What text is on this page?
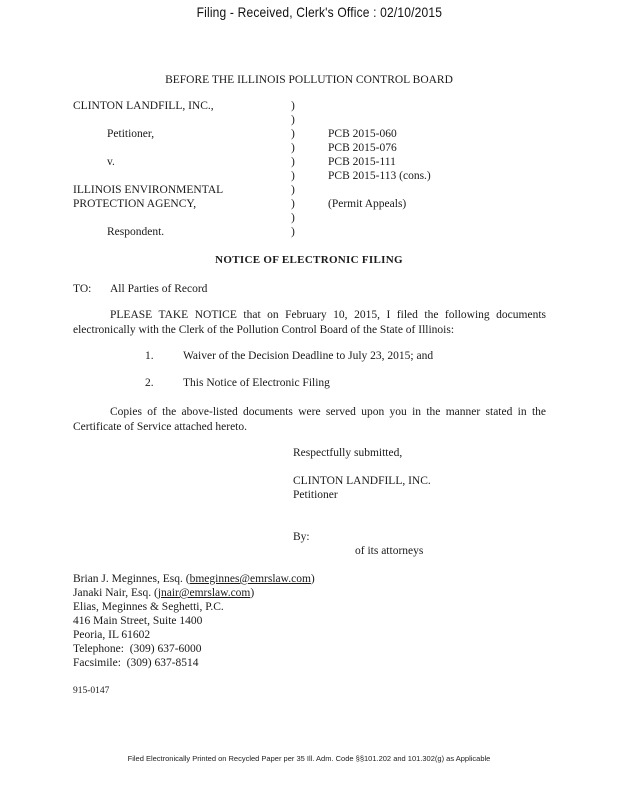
Filing - Received, Clerk's Office : 02/10/2015
BEFORE THE ILLINOIS POLLUTION CONTROL BOARD
CLINTON LANDFILL, INC.,
Petitioner,
v.
ILLINOIS ENVIRONMENTAL
PROTECTION AGENCY,
Respondent.
)
)
)
)
)
)
)
)
)
)
PCB 2015-060
PCB 2015-076
PCB 2015-111
PCB 2015-113 (cons.)
(Permit Appeals)
NOTICE OF ELECTRONIC FILING
TO: All Parties of Record
PLEASE TAKE NOTICE that on February 10, 2015, I filed the following documents electronically with the Clerk of the Pollution Control Board of the State of Illinois:
1.	Waiver of the Decision Deadline to July 23, 2015; and
2.	This Notice of Electronic Filing
Copies of the above-listed documents were served upon you in the manner stated in the Certificate of Service attached hereto.
Respectfully submitted,
CLINTON LANDFILL, INC.
Petitioner
By:
of its attorneys
Brian J. Meginnes, Esq. (bmeginnes@emrslaw.com)
Janaki Nair, Esq. (jnair@emrslaw.com)
Elias, Meginnes & Seghetti, P.C.
416 Main Street, Suite 1400
Peoria, IL 61602
Telephone: (309) 637-6000
Facsimile: (309) 637-8514
915-0147
Filed Electronically Printed on Recycled Paper per 35 Ill. Adm. Code §§101.202 and 101.302(g) as Applicable
